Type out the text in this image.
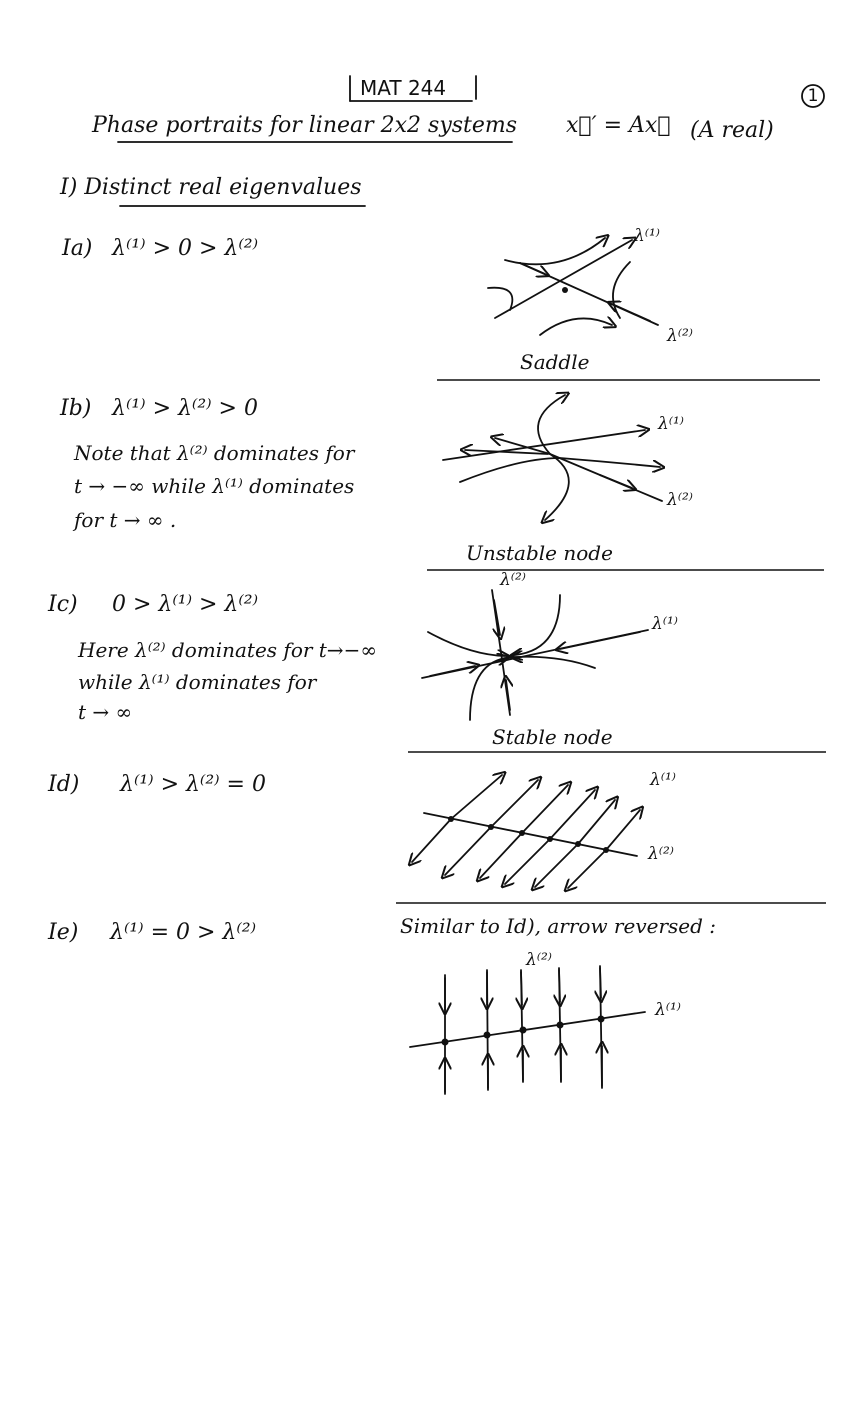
MAT 244	1
Phase portraits for linear 2x2 systems x⃗′ = Ax⃗ (A real)
I) Distinct real eigenvalues
Ia) λ⁽¹⁾ > 0 > λ⁽²⁾	λ⁽¹⁾
λ⁽²⁾
Saddle
Ib) λ⁽¹⁾ > λ⁽²⁾ > 0
Note that λ⁽²⁾ dominates for
t → −∞ while λ⁽¹⁾ dominates
for t → ∞ .
λ⁽¹⁾
λ⁽²⁾
Unstable node
Ic) 0 > λ⁽¹⁾ > λ⁽²⁾
Here λ⁽²⁾ dominates for t→−∞
while λ⁽¹⁾ dominates for
t → ∞
λ⁽²⁾
λ⁽¹⁾
Stable node
Id) λ⁽¹⁾ > λ⁽²⁾ = 0	λ⁽¹⁾
λ⁽²⁾
Ie) λ⁽¹⁾ = 0 > λ⁽²⁾	Similar to Id), arrow reversed :
λ⁽²⁾
λ⁽¹⁾
